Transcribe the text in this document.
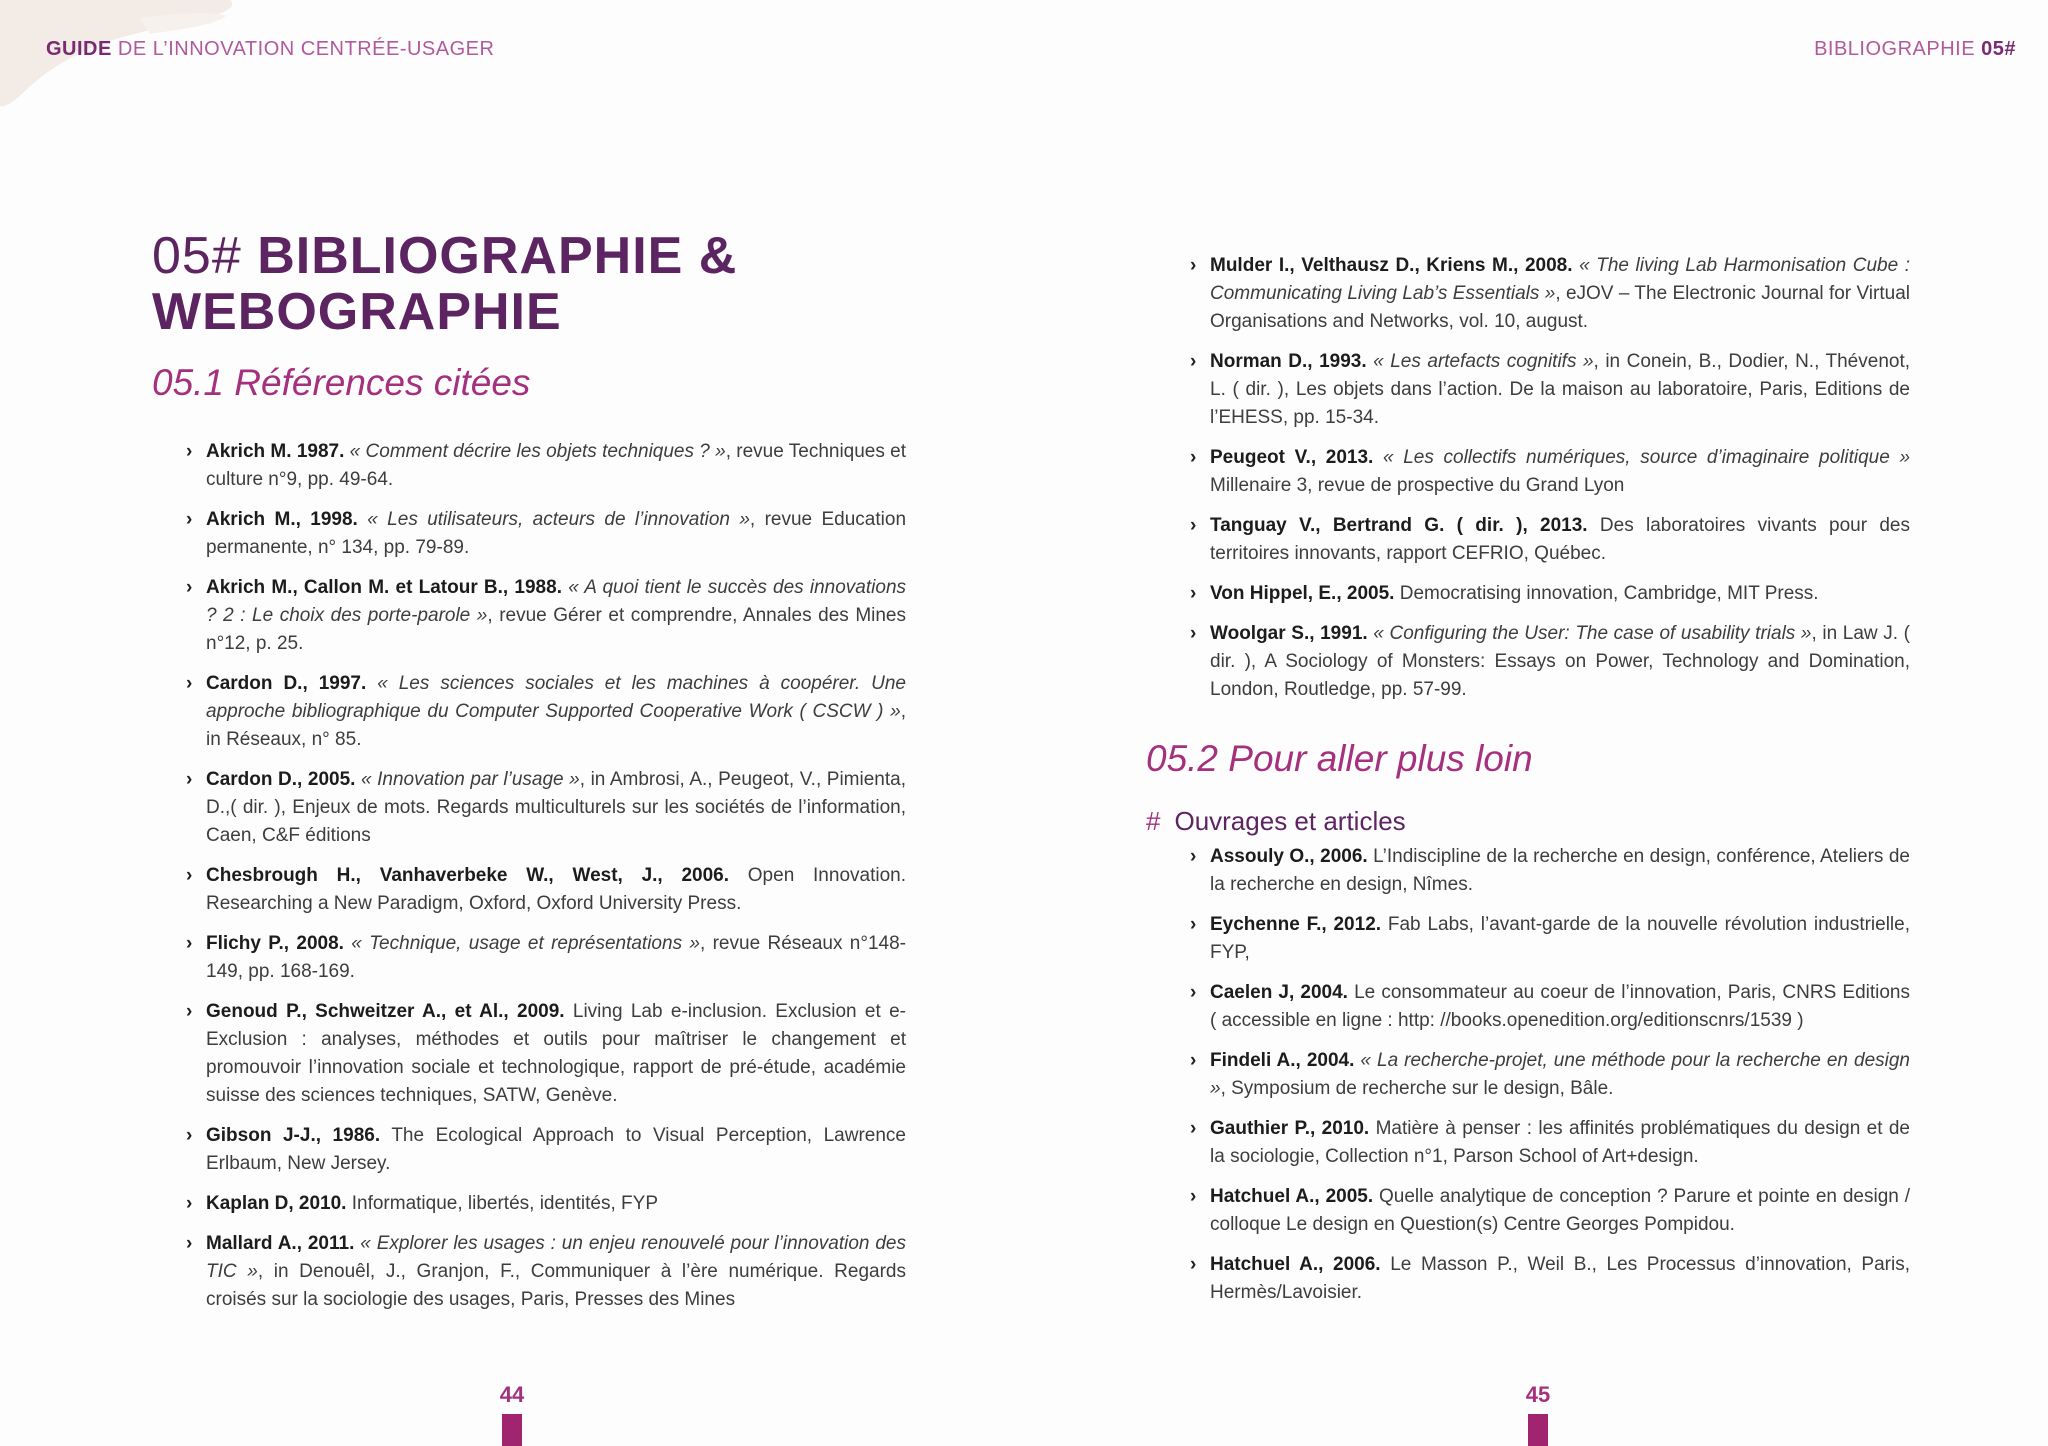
GUIDE DE L’INNOVATION CENTRÉE-USAGER
05# BIBLIOGRAPHIE &
WEBOGRAPHIE
05.1 Références citées
› Akrich M. 1987. « Comment décrire les objets techniques ? », revue Techniques et culture n°9, pp. 49-64.
› Akrich M., 1998. « Les utilisateurs, acteurs de l’innovation », revue Education permanente, n° 134, pp. 79-89.
› Akrich M., Callon M. et Latour B., 1988. « A quoi tient le succès des innovations ? 2 : Le choix des porte-parole », revue Gérer et comprendre, Annales des Mines n°12, p. 25.
› Cardon D., 1997. « Les sciences sociales et les machines à coopérer. Une approche bibliographique du Computer Supported Cooperative Work ( CSCW ) », in Réseaux, n° 85.
› Cardon D., 2005. « Innovation par l’usage », in Ambrosi, A., Peugeot, V., Pimienta, D.,( dir. ), Enjeux de mots. Regards multiculturels sur les sociétés de l’information, Caen, C&F éditions
› Chesbrough H., Vanhaverbeke W., West, J., 2006. Open Innovation. Researching a New Paradigm, Oxford, Oxford University Press.
› Flichy P., 2008. « Technique, usage et représentations », revue Réseaux n°148-149, pp. 168-169.
› Genoud P., Schweitzer A., et Al., 2009. Living Lab e-inclusion. Exclusion et e-Exclusion : analyses, méthodes et outils pour maîtriser le changement et promouvoir l’innovation sociale et technologique, rapport de pré-étude, académie suisse des sciences techniques, SATW, Genève.
› Gibson J-J., 1986. The Ecological Approach to Visual Perception, Lawrence Erlbaum, New Jersey.
› Kaplan D, 2010. Informatique, libertés, identités, FYP
› Mallard A., 2011. « Explorer les usages : un enjeu renouvelé pour l’innovation des TIC », in Denouêl, J., Granjon, F., Communiquer à l’ère numérique. Regards croisés sur la sociologie des usages, Paris, Presses des Mines
44
BIBLIOGRAPHIE 05#
› Mulder I., Velthausz D., Kriens M., 2008. « The living Lab Harmonisation Cube : Communicating Living Lab’s Essentials », eJOV – The Electronic Journal for Virtual Organisations and Networks, vol. 10, august.
› Norman D., 1993. « Les artefacts cognitifs », in Conein, B., Dodier, N., Thévenot, L. ( dir. ), Les objets dans l’action. De la maison au laboratoire, Paris, Editions de l’EHESS, pp. 15-34.
› Peugeot V., 2013. « Les collectifs numériques, source d’imaginaire politique » Millenaire 3, revue de prospective du Grand Lyon
› Tanguay V., Bertrand G. ( dir. ), 2013. Des laboratoires vivants pour des territoires innovants, rapport CEFRIO, Québec.
› Von Hippel, E., 2005. Democratising innovation, Cambridge, MIT Press.
› Woolgar S., 1991. « Configuring the User: The case of usability trials », in Law J. ( dir. ), A Sociology of Monsters: Essays on Power, Technology and Domination, London, Routledge, pp. 57-99.
05.2 Pour aller plus loin
# Ouvrages et articles
› Assouly O., 2006. L’Indiscipline de la recherche en design, conférence, Ateliers de la recherche en design, Nîmes.
› Eychenne F., 2012. Fab Labs, l’avant-garde de la nouvelle révolution industrielle, FYP,
› Caelen J, 2004. Le consommateur au coeur de l’innovation, Paris, CNRS Editions ( accessible en ligne : http: //books.openedition.org/editionscnrs/1539 )
› Findeli A., 2004. « La recherche-projet, une méthode pour la recherche en design », Symposium de recherche sur le design, Bâle.
› Gauthier P., 2010. Matière à penser : les affinités problématiques du design et de la sociologie, Collection n°1, Parson School of Art+design.
› Hatchuel A., 2005. Quelle analytique de conception ? Parure et pointe en design / colloque Le design en Question(s) Centre Georges Pompidou.
› Hatchuel A., 2006. Le Masson P., Weil B., Les Processus d’innovation, Paris, Hermès/Lavoisier.
45
